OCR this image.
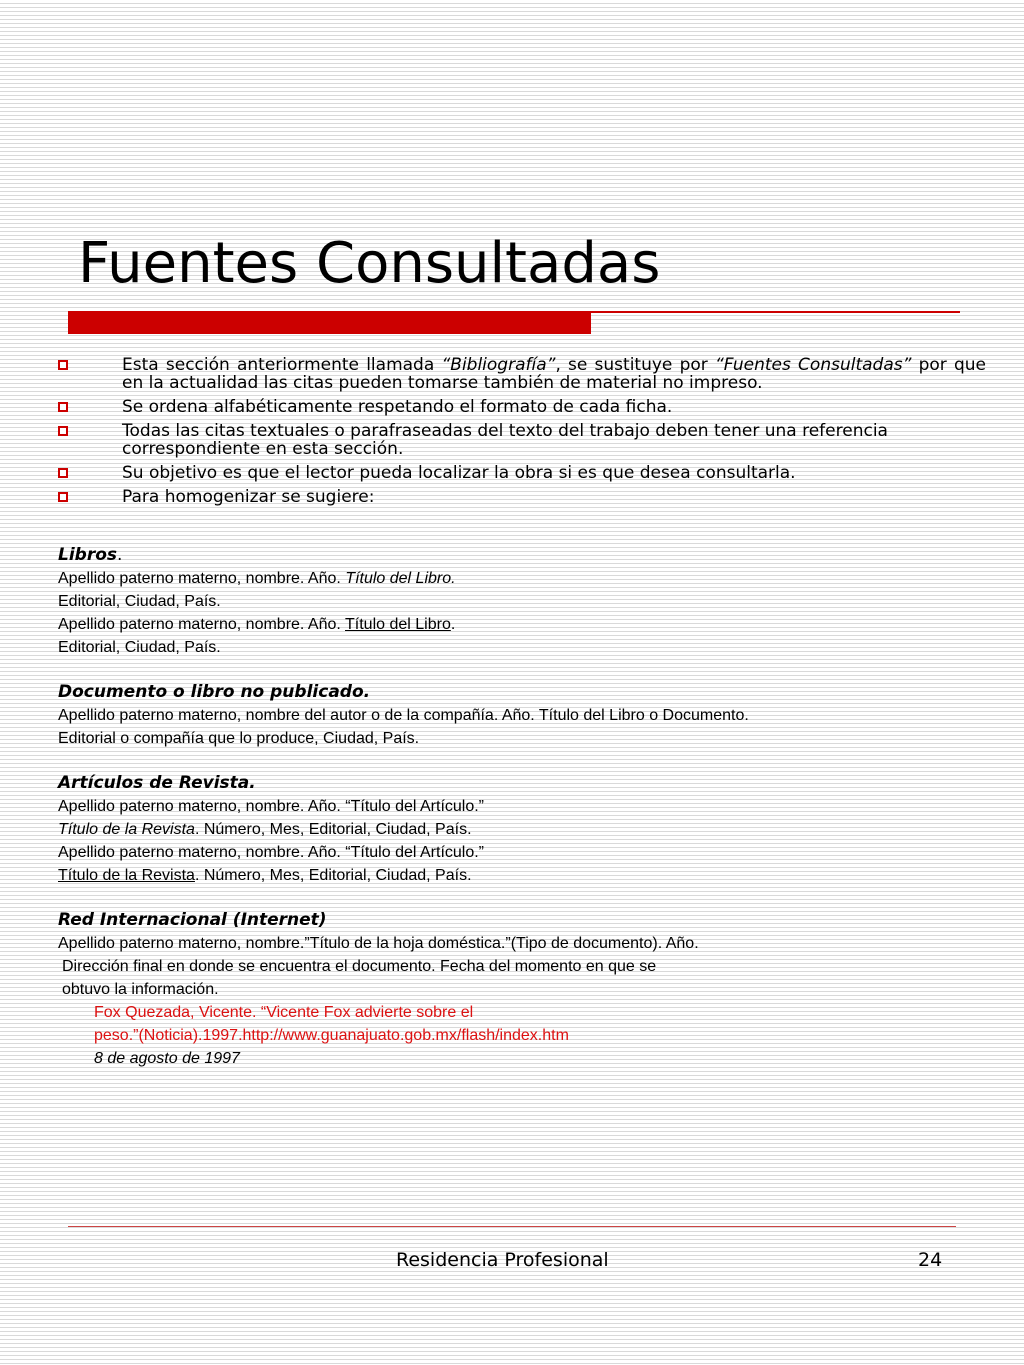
Fuentes Consultadas
Esta sección anteriormente llamada “Bibliografía”, se sustituye por “Fuentes Consultadas” por que en la actualidad las citas pueden tomarse también de material no impreso.
Se ordena alfabéticamente respetando el formato de cada ficha.
Todas las citas textuales o parafraseadas del texto del trabajo deben tener una referencia correspondiente en esta sección.
Su objetivo es que el lector pueda localizar la obra si es que desea consultarla.
Para homogenizar se sugiere:
Libros.
Apellido paterno materno, nombre. Año. Título del Libro.
Editorial, Ciudad, País.
Apellido paterno materno, nombre. Año. Título del Libro.
Editorial, Ciudad, País.
Documento o libro no publicado.
Apellido paterno materno, nombre del autor o de la compañía. Año. Título del Libro o Documento.
Editorial o compañía que lo produce, Ciudad, País.
Artículos de Revista.
Apellido paterno materno, nombre. Año. “Título del Artículo.”
Título de la Revista. Número, Mes, Editorial, Ciudad, País.
Apellido paterno materno, nombre. Año. “Título del Artículo.”
Título de la Revista. Número, Mes, Editorial, Ciudad, País.
Red Internacional (Internet)
Apellido paterno materno, nombre.”Título de la hoja doméstica.”(Tipo de documento). Año.
Dirección final en donde se encuentra el documento. Fecha del momento en que se
obtuvo la información.
Fox Quezada, Vicente. “Vicente Fox advierte sobre el
peso.”(Noticia).1997.http://www.guanajuato.gob.mx/flash/index.htm
8 de agosto de 1997
Residencia Profesional	24
